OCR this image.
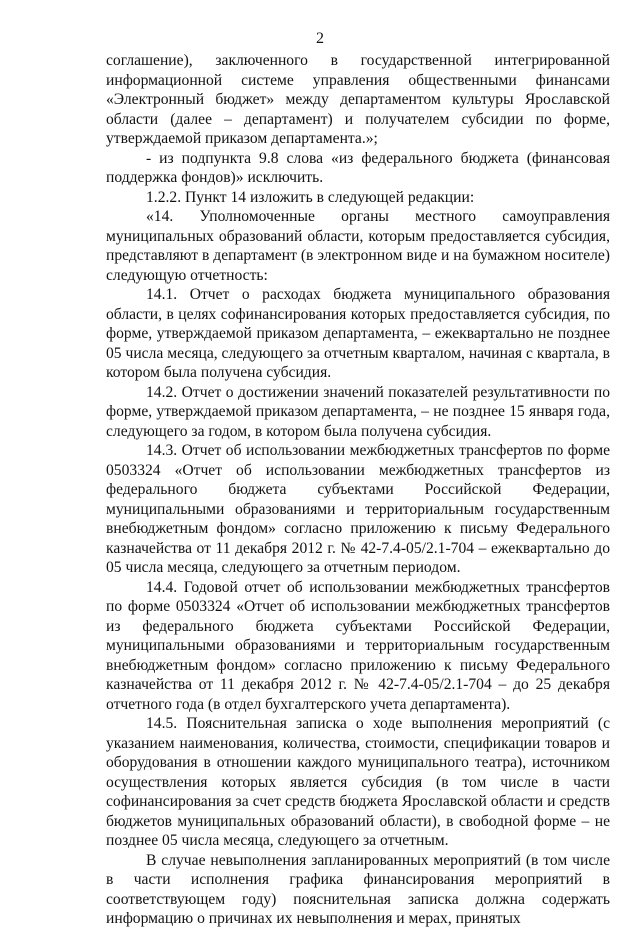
2

соглашение), заключенного в государственной интегрированной информационной системе управления общественными финансами «Электронный бюджет» между департаментом культуры Ярославской области (далее – департамент) и получателем субсидии по форме, утверждаемой приказом департамента.»;

- из подпункта 9.8 слова «из федерального бюджета (финансовая поддержка фондов)» исключить.

1.2.2. Пункт 14 изложить в следующей редакции:

«14. Уполномоченные органы местного самоуправления муниципальных образований области, которым предоставляется субсидия, представляют в департамент (в электронном виде и на бумажном носителе) следующую отчетность:

14.1. Отчет о расходах бюджета муниципального образования области, в целях софинансирования которых предоставляется субсидия, по форме, утверждаемой приказом департамента, – ежеквартально не позднее 05 числа месяца, следующего за отчетным кварталом, начиная с квартала, в котором была получена субсидия.

14.2. Отчет о достижении значений показателей результативности по форме, утверждаемой приказом департамента, – не позднее 15 января года, следующего за годом, в котором была получена субсидия.

14.3. Отчет об использовании межбюджетных трансфертов по форме 0503324 «Отчет об использовании межбюджетных трансфертов из федерального бюджета субъектами Российской Федерации, муниципальными образованиями и территориальным государственным внебюджетным фондом» согласно приложению к письму Федерального казначейства от 11 декабря 2012 г. № 42-7.4-05/2.1-704 – ежеквартально до 05 числа месяца, следующего за отчетным периодом.

14.4. Годовой отчет об использовании межбюджетных трансфертов по форме 0503324 «Отчет об использовании межбюджетных трансфертов из федерального бюджета субъектами Российской Федерации, муниципальными образованиями и территориальным государственным внебюджетным фондом» согласно приложению к письму Федерального казначейства от 11 декабря 2012 г. № 42-7.4-05/2.1-704 – до 25 декабря отчетного года (в отдел бухгалтерского учета департамента).

14.5. Пояснительная записка о ходе выполнения мероприятий (с указанием наименования, количества, стоимости, спецификации товаров и оборудования в отношении каждого муниципального театра), источником осуществления которых является субсидия (в том числе в части софинансирования за счет средств бюджета Ярославской области и средств бюджетов муниципальных образований области), в свободной форме – не позднее 05 числа месяца, следующего за отчетным.

В случае невыполнения запланированных мероприятий (в том числе в части исполнения графика финансирования мероприятий в соответствующем году) пояснительная записка должна содержать информацию о причинах их невыполнения и мерах, принятых
